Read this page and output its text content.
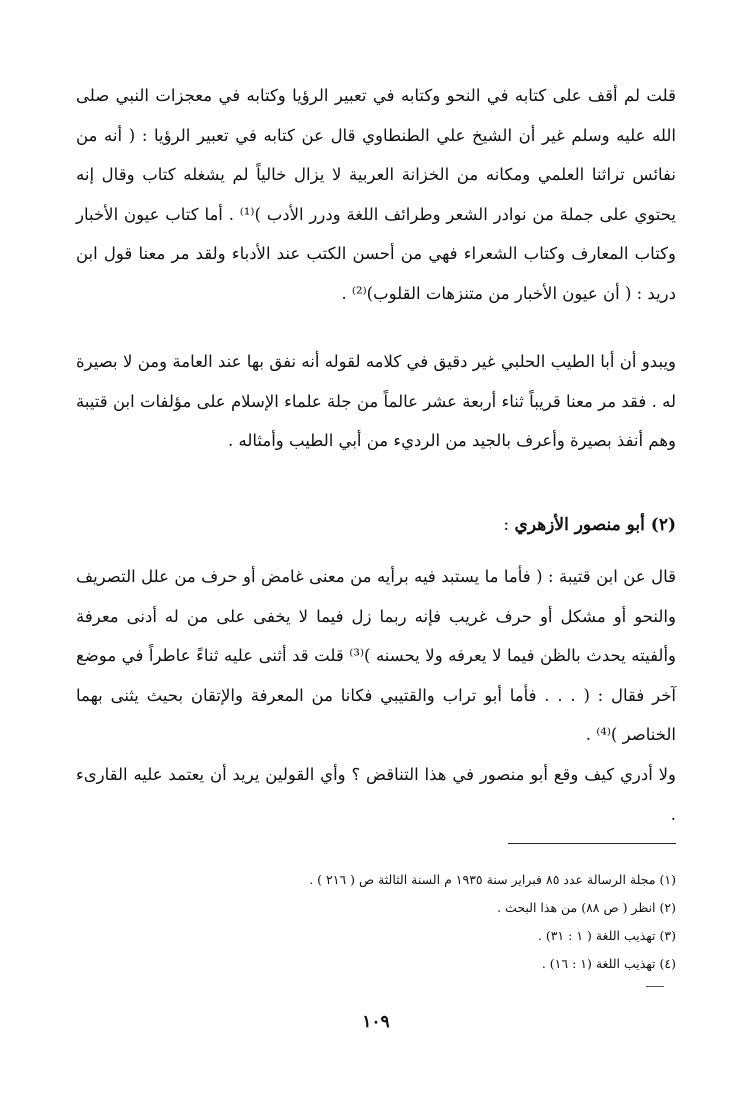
قلت لم أقف على كتابه في النحو وكتابه في تعبير الرؤيا وكتابه في معجزات النبي صلى الله عليه وسلم غير أن الشيخ علي الطنطاوي قال عن كتابه في تعبير الرؤيا : ( أنه من نفائس تراثنا العلمي ومكانه من الخزانة العربية لا يزال خالياً لم يشغله كتاب وقال إنه يحتوي على جملة من نوادر الشعر وطرائف اللغة ودرر الأدب )⁽¹⁾ . أما كتاب عيون الأخبار وكتاب المعارف وكتاب الشعراء فهي من أحسن الكتب عند الأدباء ولقد مر معنا قول ابن دريد : ( أن عيون الأخبار من متنزهات القلوب)⁽²⁾ .

ويبدو أن أبا الطيب الحلبي غير دقيق في كلامه لقوله أنه نفق بها عند العامة ومن لا بصيرة له . فقد مر معنا قريباً ثناء أربعة عشر عالماً من جلة علماء الإسلام على مؤلفات ابن قتيبة وهم أنفذ بصيرة وأعرف بالجيد من الرديء من أبي الطيب وأمثاله .

(٢) أبو منصور الأزهري :

قال عن ابن قتيبة : ( فأما ما يستبد فيه برأيه من معنى غامض أو حرف من علل التصريف والنحو أو مشكل أو حرف غريب فإنه ربما زل فيما لا يخفى على من له أدنى معرفة وألفيته يحدث بالظن فيما لا يعرفه ولا يحسنه )⁽³⁾ قلت قد أثنى عليه ثناءً عاطراً في موضع آخر فقال : ( . . . فأما أبو تراب والقتيبي فكانا من المعرفة والإتقان بحيث يثنى بهما الخناصر )⁽⁴⁾ .

ولا أدري كيف وقع أبو منصور في هذا التناقض ؟ وأي القولين يريد أن يعتمد عليه القارىء .

(١) مجلة الرسالة عدد ٨٥ فبراير سنة ١٩٣٥ م السنة الثالثة ص ( ٢١٦ ) .
(٢) انظر ( ص ٨٨) من هذا البحث .
(٣) تهذيب اللغة ( ١ : ٣١) .
(٤) تهذيب اللغة (١ : ١٦) .
١٠٩
